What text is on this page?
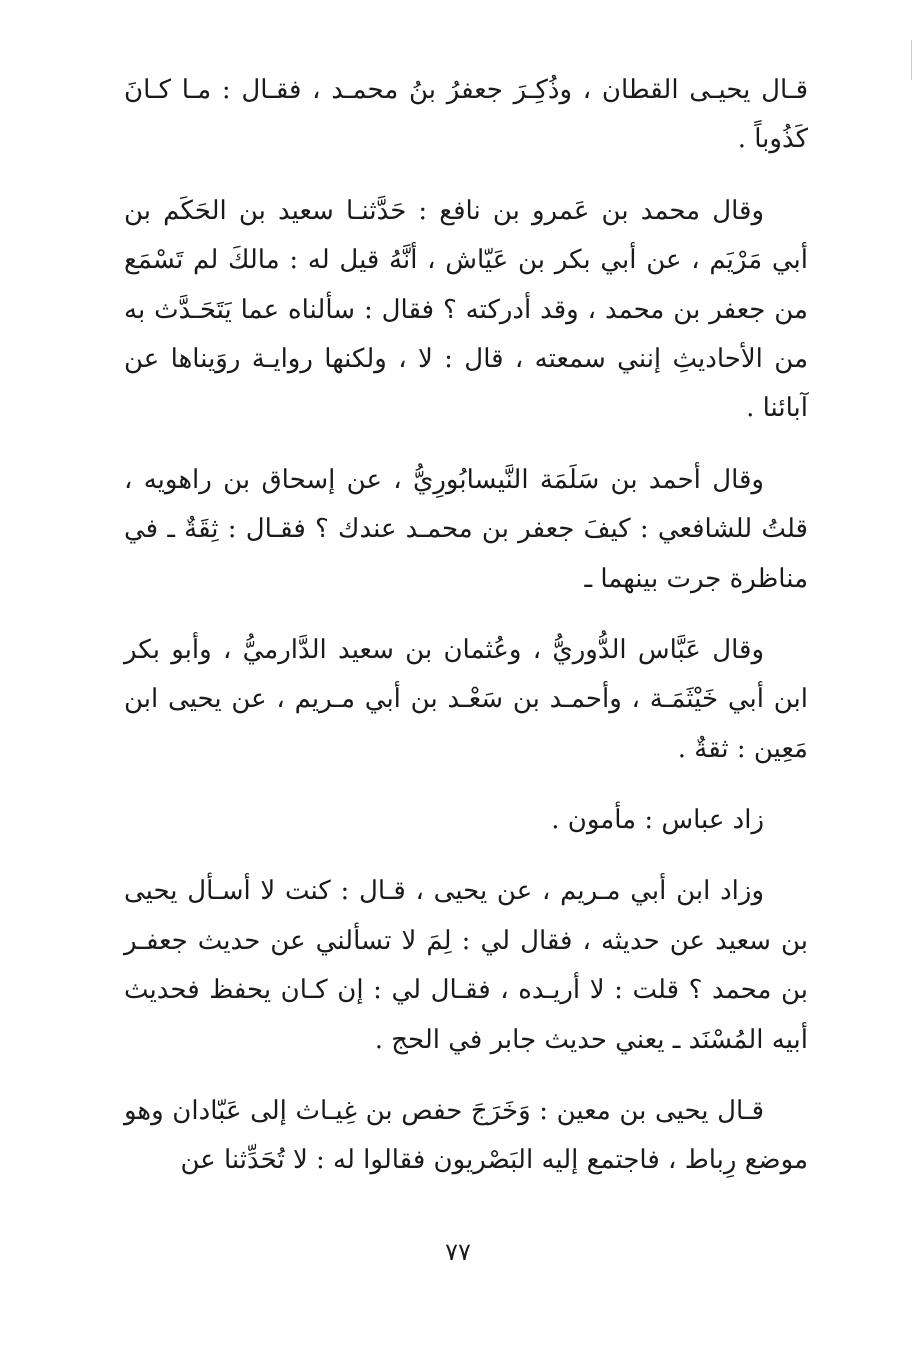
قـال يحيـى القطان ، وذُكِـرَ جعفرُ بنُ محمـد ، فقـال : مـا كـانَ كَذُوباً .

وقال محمد بن عَمرو بن نافع : حَدَّثنـا سعيد بن الحَكَم بن أبي مَرْيَم ، عن أبي بكر بن عَيّاش ، أنَّهُ قيل له : مالكَ لم تَسْمَع من جعفر بن محمد ، وقد أدركته ؟ فقال : سألناه عما يَتَحَـدَّث به من الأحاديثِ إنني سمعته ، قال : لا ، ولكنها روايـة روَيناها عن آبائنا .

وقال أحمد بن سَلَمَة النَّيسابُورِيُّ ، عن إسحاق بن راهويه ، قلتُ للشافعي : كيفَ جعفر بن محمـد عندك ؟ فقـال : ثِقَةٌ ـ في مناظرة جرت بينهما ـ

وقال عَبَّاس الدُّوريُّ ، وعُثمان بن سعيد الدَّارميُّ ، وأبو بكر ابن أبي خَيْثَمَـة ، وأحمـد بن سَعْـد بن أبي مـريم ، عن يحيى ابن مَعِين : ثقةٌ .

زاد عباس : مأمون .

وزاد ابن أبي مـريم ، عن يحيى ، قـال : كنت لا أسـأل يحيى بن سعيد عن حديثه ، فقال لي : لِمَ لا تسألني عن حديث جعفـر بن محمد ؟ قلت : لا أريـده ، فقـال لي : إن كـان يحفظ فحديث أبيه المُسْنَد ـ يعني حديث جابر في الحج .

قـال يحيى بن معين : وَخَرَجَ حفص بن غِيـاث إلى عَبّادان وهو موضع رِباط ، فاجتمع إليه البَصْريون فقالوا له : لا تُحَدِّثنا عن

٧٧
